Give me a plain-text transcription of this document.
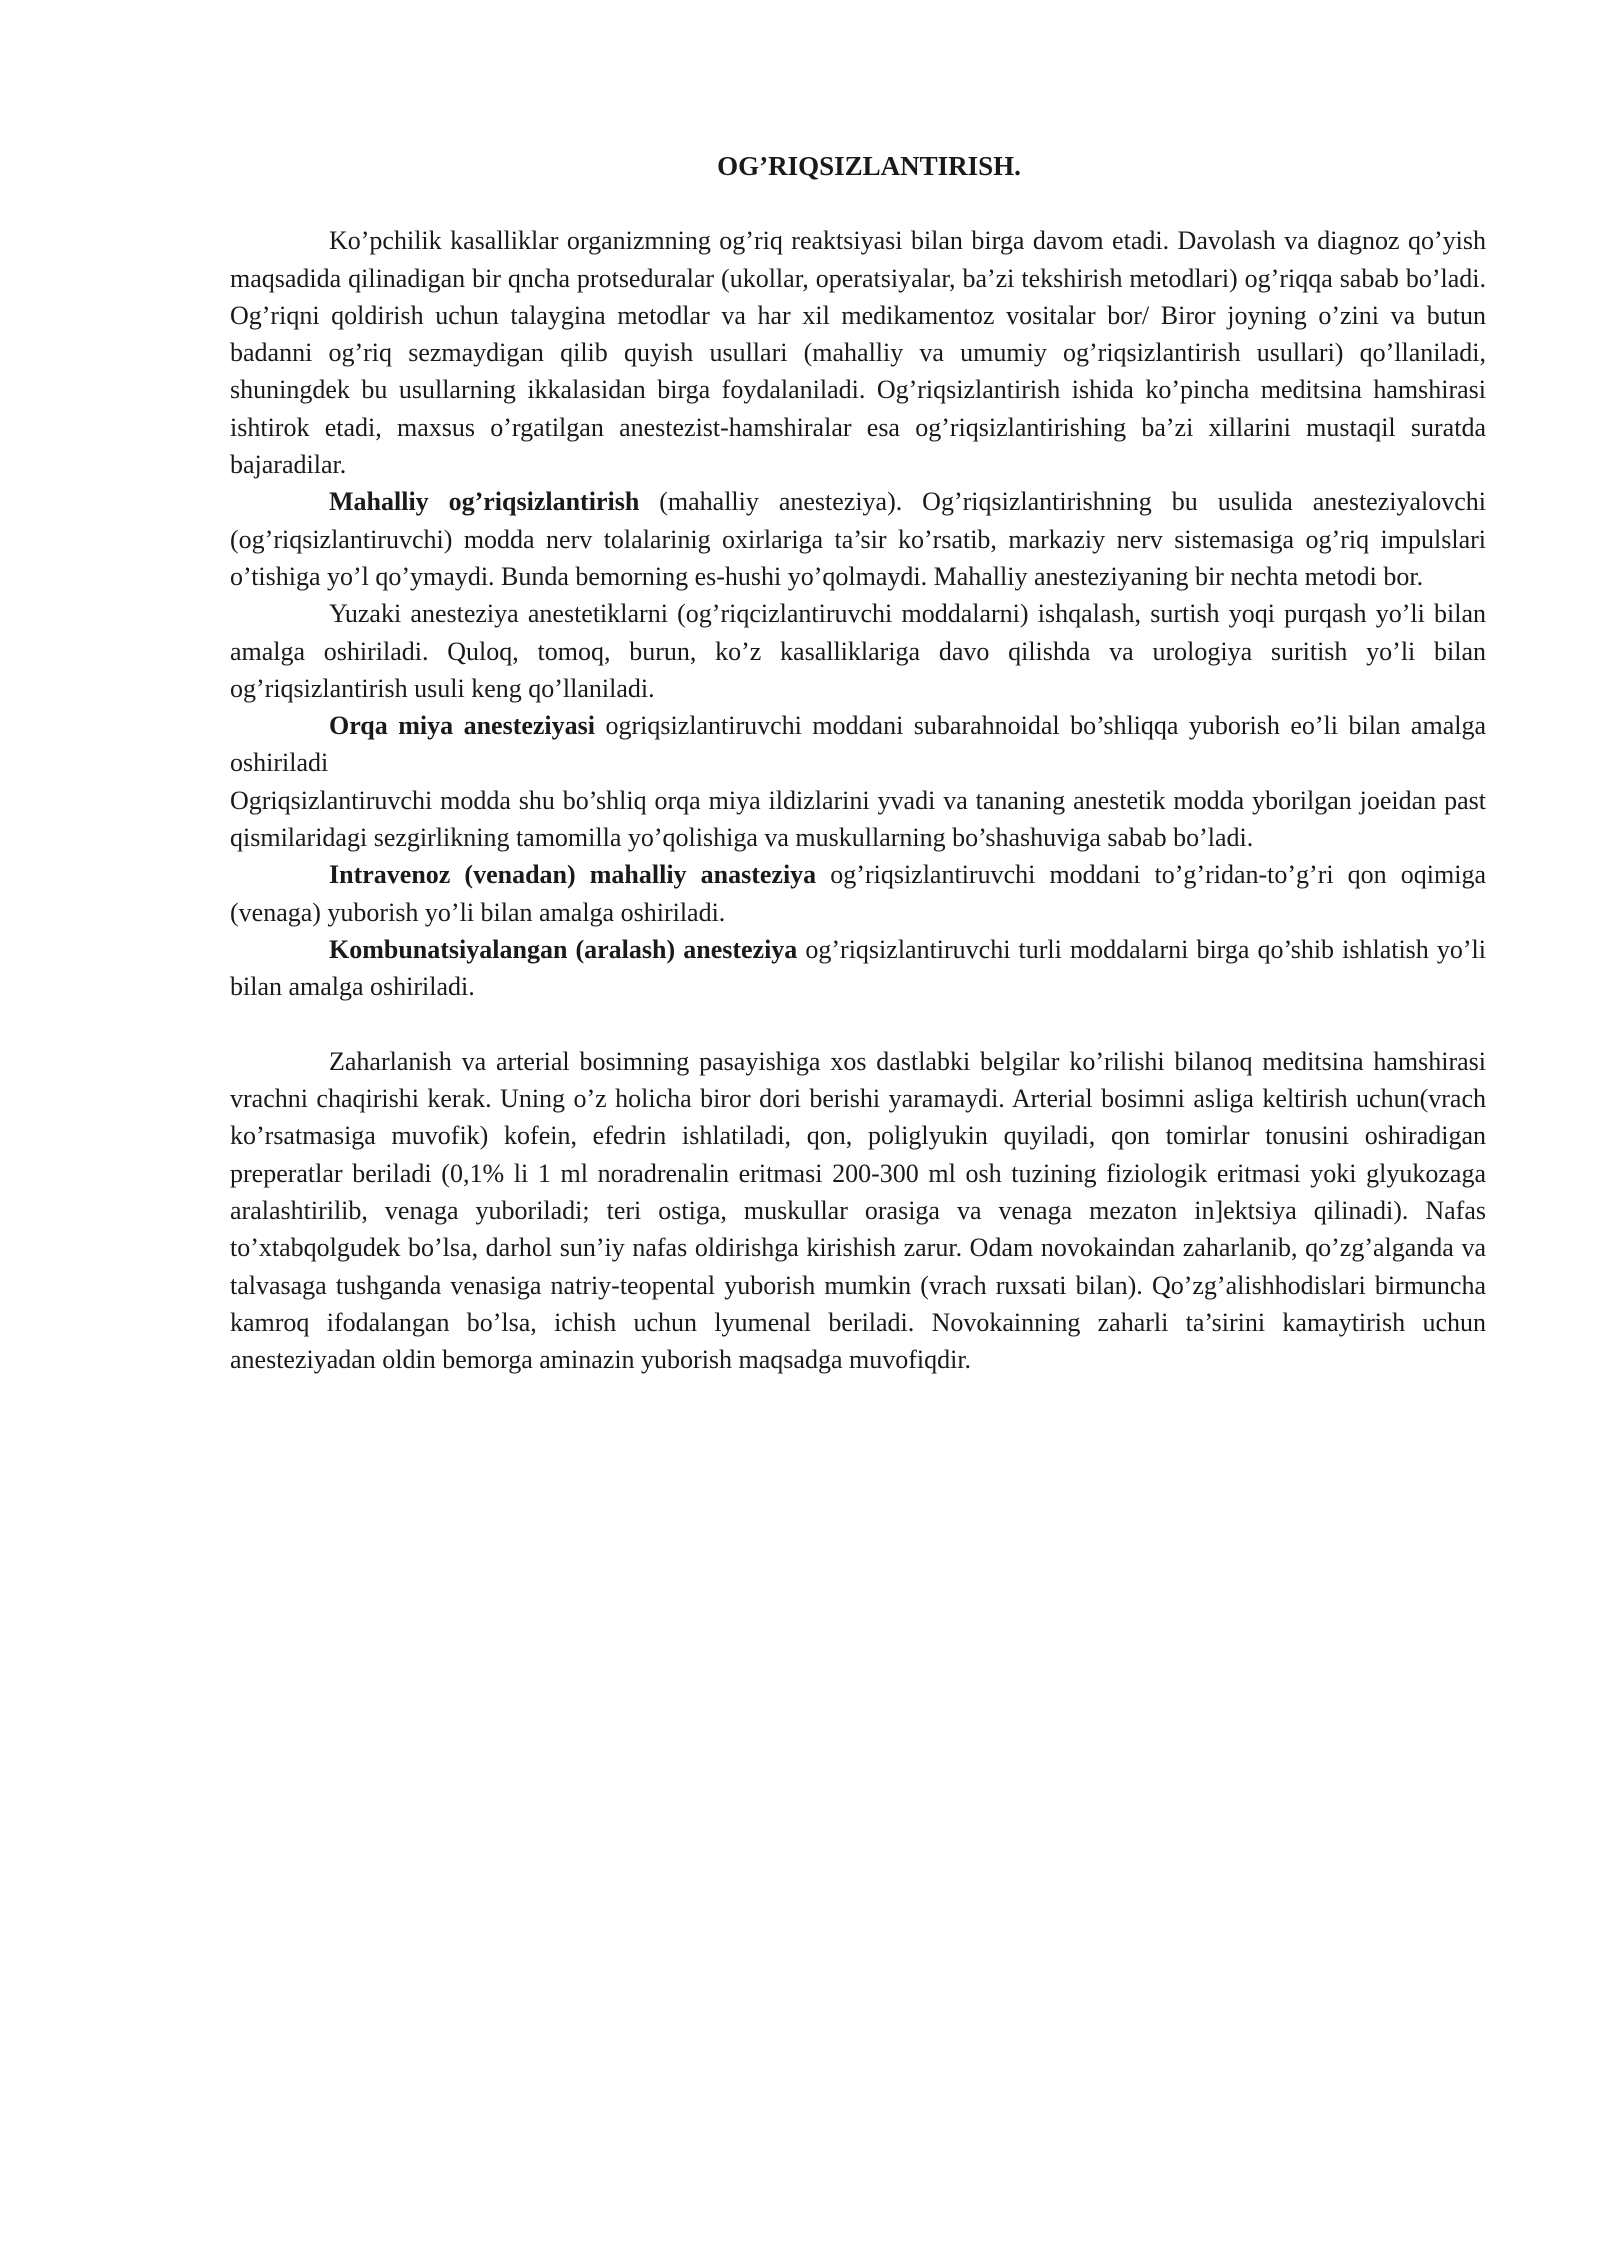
OG’RIQSIZLANTIRISH.

Ko’pchilik kasalliklar organizmning og’riq reaktsiyasi bilan birga davom etadi. Davolash va diagnoz qo’yish maqsadida qilinadigan bir qncha protseduralar (ukollar, operatsiyalar, ba’zi tekshirish metodlari) og’riqqa sabab bo’ladi. Og’riqni qoldirish uchun talaygina metodlar va har xil medikamentoz vositalar bor/ Biror joyning o’zini va butun badanni og’riq sezmaydigan qilib quyish usullari (mahalliy va umumiy og’riqsizlantirish usullari) qo’llaniladi, shuningdek bu usullarning ikkalasidan birga foydalaniladi. Og’riqsizlantirish ishida ko’pincha meditsina hamshirasi ishtirok etadi, maxsus o’rgatilgan anestezist-hamshiralar esa og’riqsizlantirishing ba’zi xillarini mustaqil suratda bajaradilar.

Mahalliy og’riqsizlantirish (mahalliy anesteziya). Og’riqsizlantirishning bu usulida anesteziyalovchi (og’riqsizlantiruvchi) modda nerv tolalarinig oxirlariga ta’sir ko’rsatib, markaziy nerv sistemasiga og’riq impulslari o’tishiga yo’l qo’ymaydi. Bunda bemorning es-hushi yo’qolmaydi. Mahalliy anesteziyaning bir nechta metodi bor.

Yuzaki anesteziya anestetiklarni (og’riqcizlantiruvchi moddalarni) ishqalash, surtish yoqi purqash yo’li bilan amalga oshiriladi. Quloq, tomoq, burun, ko’z kasalliklariga davo qilishda va urologiya suritish yo’li bilan og’riqsizlantirish usuli keng qo’llaniladi.

Orqa miya anesteziyasi ogriqsizlantiruvchi moddani subarahnoidal bo’shliqqa yuborish eo’li bilan amalga oshiriladi

Ogriqsizlantiruvchi modda shu bo’shliq orqa miya ildizlarini yvadi va tananing anestetik modda yborilgan joeidan past qismilaridagi sezgirlikning tamomilla yo’qolishiga va muskullarning bo’shashuviga sabab bo’ladi.

Intravenoz (venadan) mahalliy anasteziya og’riqsizlantiruvchi moddani to’g’ridan-to’g’ri qon oqimiga (venaga) yuborish yo’li bilan amalga oshiriladi.

Kombunatsiyalangan (aralash) anesteziya og’riqsizlantiruvchi turli moddalarni birga qo’shib ishlatish yo’li bilan amalga oshiriladi.

Zaharlanish va arterial bosimning pasayishiga xos dastlabki belgilar ko’rilishi bilanoq meditsina hamshirasi vrachni chaqirishi kerak. Uning o’z holicha biror dori berishi yaramaydi. Arterial bosimni asliga keltirish uchun(vrach ko’rsatmasiga muvofik) kofein, efedrin ishlatiladi, qon, poliglyukin quyiladi, qon tomirlar tonusini oshiradigan preperatlar beriladi (0,1% li 1 ml noradrenalin eritmasi 200-300 ml osh tuzining fiziologik eritmasi yoki glyukozaga aralashtirilib, venaga yuboriladi; teri ostiga, muskullar orasiga va venaga mezaton in]ektsiya qilinadi). Nafas to’xtabqolgudek bo’lsa, darhol sun’iy nafas oldirishga kirishish zarur. Odam novokaindan zaharlanib, qo’zg’alganda va talvasaga tushganda venasiga natriy-teopental yuborish mumkin (vrach ruxsati bilan). Qo’zg’alishhodislari birmuncha kamroq ifodalangan bo’lsa, ichish uchun lyumenal beriladi. Novokainning zaharli ta’sirini kamaytirish uchun anesteziyadan oldin bemorga aminazin yuborish maqsadga muvofiqdir.
